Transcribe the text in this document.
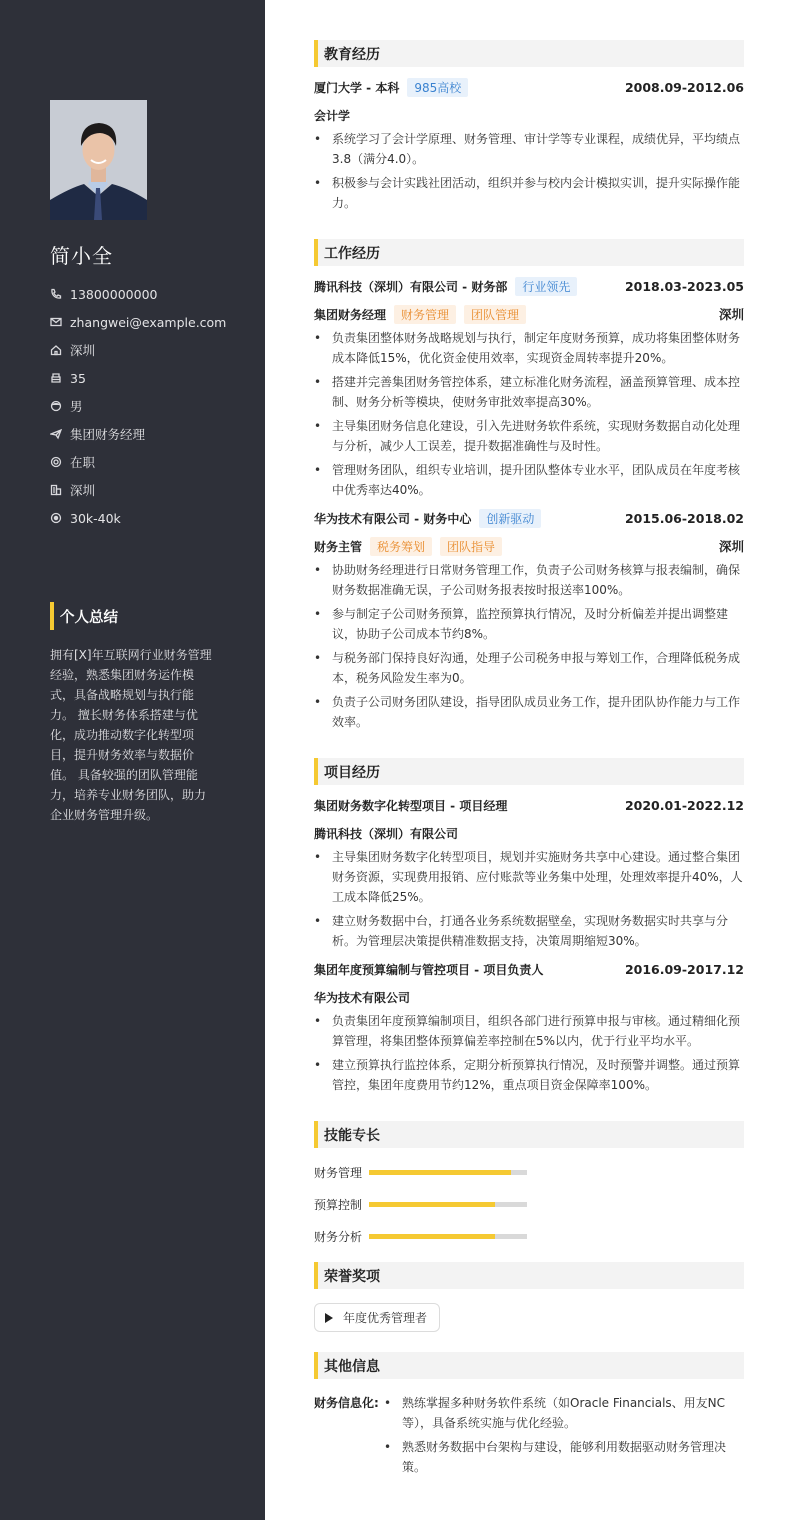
简小全
13800000000
zhangwei@example.com
深圳
35
男
集团财务经理
在职
深圳
30k-40k
个人总结
拥有[X]年互联网行业财务管理经验，熟悉集团财务运作模式，具备战略规划与执行能力。 擅长财务体系搭建与优化，成功推动数字化转型项目，提升财务效率与数据价值。 具备较强的团队管理能力，培养专业财务团队，助力企业财务管理升级。
教育经历
厦门大学 - 本科	985高校	2008.09-2012.06
会计学
•
系统学习了会计学原理、财务管理、审计学等专业课程，成绩优异，平均绩点3.8（满分4.0）。
•
积极参与会计实践社团活动，组织并参与校内会计模拟实训，提升实际操作能力。
工作经历
腾讯科技（深圳）有限公司 - 财务部	行业领先	2018.03-2023.05
集团财务经理	财务管理	团队管理	深圳
•
负责集团整体财务战略规划与执行，制定年度财务预算，成功将集团整体财务成本降低15%，优化资金使用效率，实现资金周转率提升20%。
•
搭建并完善集团财务管控体系，建立标准化财务流程，涵盖预算管理、成本控制、财务分析等模块，使财务审批效率提高30%。
•
主导集团财务信息化建设，引入先进财务软件系统，实现财务数据自动化处理与分析，减少人工误差，提升数据准确性与及时性。
•
管理财务团队，组织专业培训，提升团队整体专业水平，团队成员在年度考核中优秀率达40%。
华为技术有限公司 - 财务中心	创新驱动	2015.06-2018.02
财务主管	税务筹划	团队指导	深圳
•
协助财务经理进行日常财务管理工作，负责子公司财务核算与报表编制，确保财务数据准确无误，子公司财务报表按时报送率100%。
•
参与制定子公司财务预算，监控预算执行情况，及时分析偏差并提出调整建议，协助子公司成本节约8%。
•
与税务部门保持良好沟通，处理子公司税务申报与筹划工作，合理降低税务成本，税务风险发生率为0。
•
负责子公司财务团队建设，指导团队成员业务工作，提升团队协作能力与工作效率。
项目经历
集团财务数字化转型项目 - 项目经理	2020.01-2022.12
腾讯科技（深圳）有限公司
•
主导集团财务数字化转型项目，规划并实施财务共享中心建设。通过整合集团财务资源，实现费用报销、应付账款等业务集中处理，处理效率提升40%，人工成本降低25%。
•
建立财务数据中台，打通各业务系统数据壁垒，实现财务数据实时共享与分析。为管理层决策提供精准数据支持，决策周期缩短30%。
集团年度预算编制与管控项目 - 项目负责人	2016.09-2017.12
华为技术有限公司
•
负责集团年度预算编制项目，组织各部门进行预算申报与审核。通过精细化预算管理，将集团整体预算偏差率控制在5%以内，优于行业平均水平。
•
建立预算执行监控体系，定期分析预算执行情况，及时预警并调整。通过预算管控，集团年度费用节约12%，重点项目资金保障率100%。
技能专长
财务管理
预算控制
财务分析
荣誉奖项
年度优秀管理者
其他信息
财务信息化: •	熟练掌握多种财务软件系统（如Oracle Financials、用友NC等），具备系统实施与优化经验。
•
熟悉财务数据中台架构与建设，能够利用数据驱动财务管理决策。
